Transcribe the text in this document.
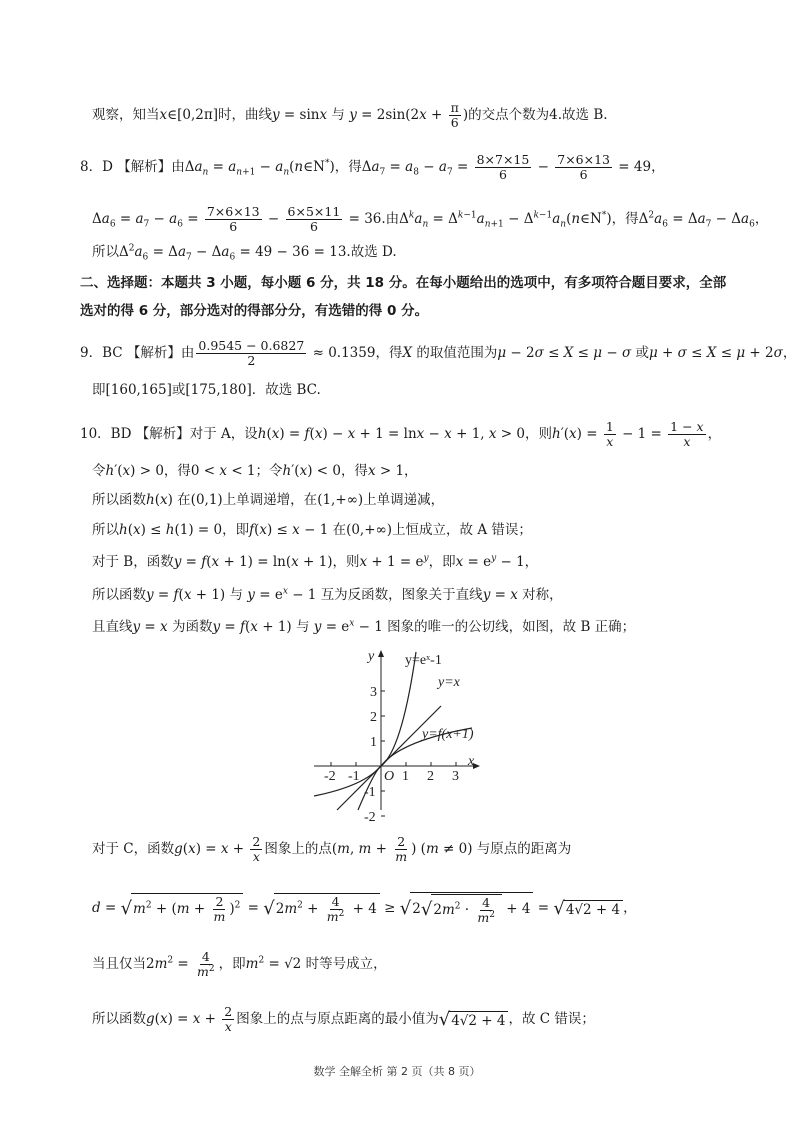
观察，知当x∈[0,2π]时，曲线y = sinx 与 $y = 2\sin(2x + \frac{\pi}{6}$ )的交点个数为4.故选 B.
8．D 【解析】由$\Delta a_n = a_{n+1}$ − $a_n(n\in N^*)$，得$\Delta a_7 = a_8 - a_7 = \frac{8\times 7\times 15}{6} - \frac{7\times 6\times 13}{6} = 49$，
$\Delta a_6 = a_7 - a_6 = \frac{7\times 6\times 13}{6} - \frac{6\times 5\times 11}{6} = 36$.由$\Delta^ka_n = \Delta^{k-1}a_{n+1}$ − $\Delta^{k-1}a_n(n\in N^*)$，得$\Delta^2a_6 = \Delta a_7 - \Delta a_6$，
所以$\Delta^2a_6 = \Delta a_7 - \Delta a_6 = 49 - 36 = 13$.故选 D.
二、选择题：本题共 3 小题，每小题 6 分，共 18 分。在每小题给出的选项中，有多项符合题目要求，全部
选对的得 6 分，部分选对的得部分分，有选错的得 0 分。
9．BC 【解析】由 $\frac{0.9545 - 0.6827}{2} \approx 0.1359$，得X 的取值范围为μ − 2σ ≤ X ≤ μ − σ 或μ + σ ≤ X ≤ μ + 2σ，
即[160,165]或[175,180]．故选 BC.
10．BD 【解析】对于 A，设h(x) = f(x) − x + 1 = lnx − x + 1, x > 0，则$h'(x) = \frac{1}{x} - 1 = \frac{1 - x}{x}$ ，
令h′(x) > 0，得0 < x < 1；令h′(x) < 0，得x > 1，
所以函数h(x) 在(0,1)上单调递增，在(1,+∞)上单调递减，
所以h(x) ≤ h(1) = 0，即f(x) ≤ x − 1 在(0,+∞)上恒成立，故 A 错误；
对于 B，函数y = f(x + 1) = ln(x + 1)，则$x + 1 = e^y$，即$x = e^y - 1$，
所以函数y = f(x + 1) 与 $y = e^x - 1$ 互为反函数，图象关于直线y = x 对称，
且直线y = x 为函数y = f(x + 1) 与 $y = e^x - 1$ 图象的唯一的公切线，如图，故 B 正确；
y
x
O
y=eˣ-1
y=x
y=f(x+1)
-2 -1	1 2 3
3
2
1
-1
-2
对于 C，函数$g(x) = x + \frac{2}{x}$ 图象上的点(m, $m + \frac{2}{m}$ ) (m ≠ 0) 与原点的距离为
$d = √m^2 + (m + \frac{2}{m} )^2 = √2m^2 + \frac{4}{m^2} + 4 \ge √2√2m^2 \cdot \frac{4}{m^2} + 4 = √4√2 + 4$ ，
当且仅当$2m^2 = \frac{4}{m^2}$ ，即$m^2 = √2$ 时等号成立，
所以函数$g(x) = x + \frac{2}{x}$ 图象上的点与原点距离的最小值为√4√2 + 4 ，故 C 错误；
数学 全解全析 第 2 页（共 8 页）
